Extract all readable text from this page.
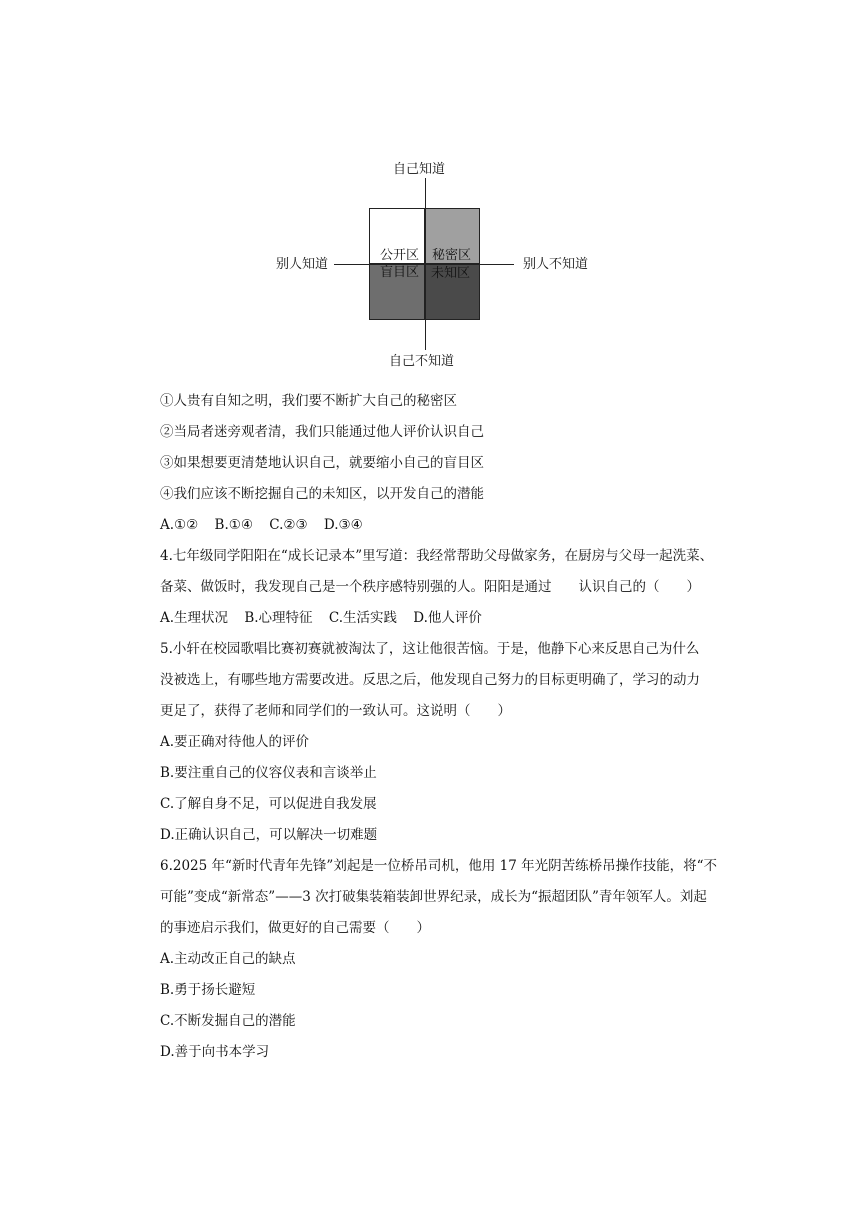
公开区 秘密区
盲目区 未知区
自己知道
自己不知道
别人知道	别人不知道
①人贵有自知之明，我们要不断扩大自己的秘密区
②当局者迷旁观者清，我们只能通过他人评价认识自己
③如果想要更清楚地认识自己，就要缩小自己的盲目区
④我们应该不断挖掘自己的未知区，以开发自己的潜能
A.①② B.①④ C.②③ D.③④
4.七年级同学阳阳在“成长记录本”里写道：我经常帮助父母做家务，在厨房与父母一起洗菜、
备菜、做饭时，我发现自己是一个秩序感特别强的人。阳阳是通过　　认识自己的（　　）
A.生理状况 B.心理特征 C.生活实践 D.他人评价
5.小轩在校园歌唱比赛初赛就被淘汰了，这让他很苦恼。于是，他静下心来反思自己为什么
没被选上，有哪些地方需要改进。反思之后，他发现自己努力的目标更明确了，学习的动力
更足了，获得了老师和同学们的一致认可。这说明（　　）
A.要正确对待他人的评价
B.要注重自己的仪容仪表和言谈举止
C.了解自身不足，可以促进自我发展
D.正确认识自己，可以解决一切难题
6.2025 年“新时代青年先锋”刘起是一位桥吊司机，他用 17 年光阴苦练桥吊操作技能，将“不
可能”变成“新常态”——3 次打破集装箱装卸世界纪录，成长为“振超团队”青年领军人。刘起
的事迹启示我们，做更好的自己需要（　　）
A.主动改正自己的缺点
B.勇于扬长避短
C.不断发掘自己的潜能
D.善于向书本学习
